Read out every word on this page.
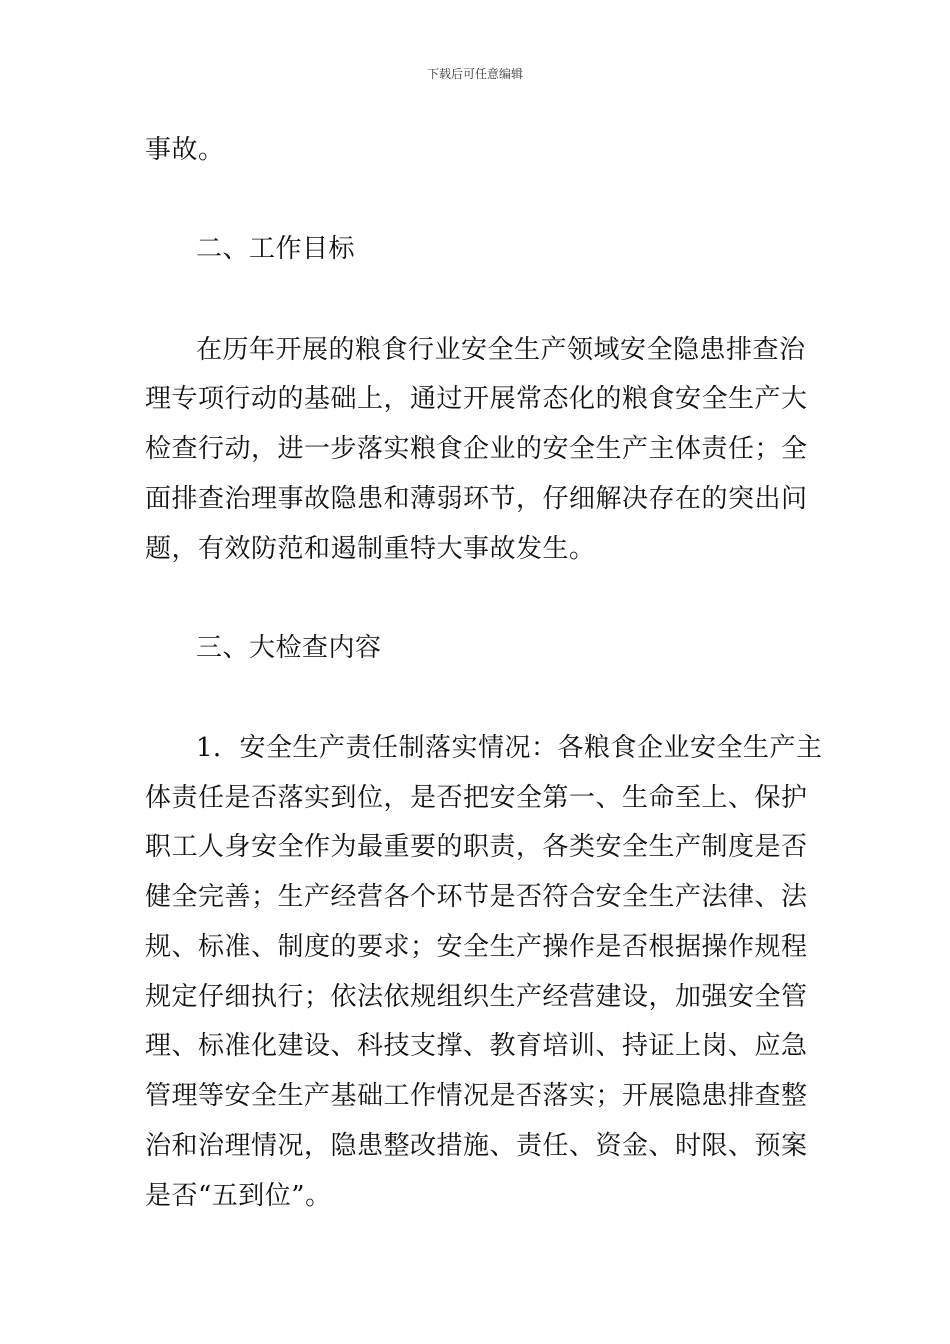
下载后可任意编辑
事故。
二、工作目标
在历年开展的粮食行业安全生产领域安全隐患排查治
理专项行动的基础上，通过开展常态化的粮食安全生产大
检查行动，进一步落实粮食企业的安全生产主体责任；全
面排查治理事故隐患和薄弱环节，仔细解决存在的突出问
题，有效防范和遏制重特大事故发生。
三、大检查内容
1．安全生产责任制落实情况：各粮食企业安全生产主
体责任是否落实到位，是否把安全第一、生命至上、保护
职工人身安全作为最重要的职责，各类安全生产制度是否
健全完善；生产经营各个环节是否符合安全生产法律、法
规、标准、制度的要求；安全生产操作是否根据操作规程
规定仔细执行；依法依规组织生产经营建设，加强安全管
理、标准化建设、科技支撑、教育培训、持证上岗、应急
管理等安全生产基础工作情况是否落实；开展隐患排查整
治和治理情况，隐患整改措施、责任、资金、时限、预案
是否“五到位”。
